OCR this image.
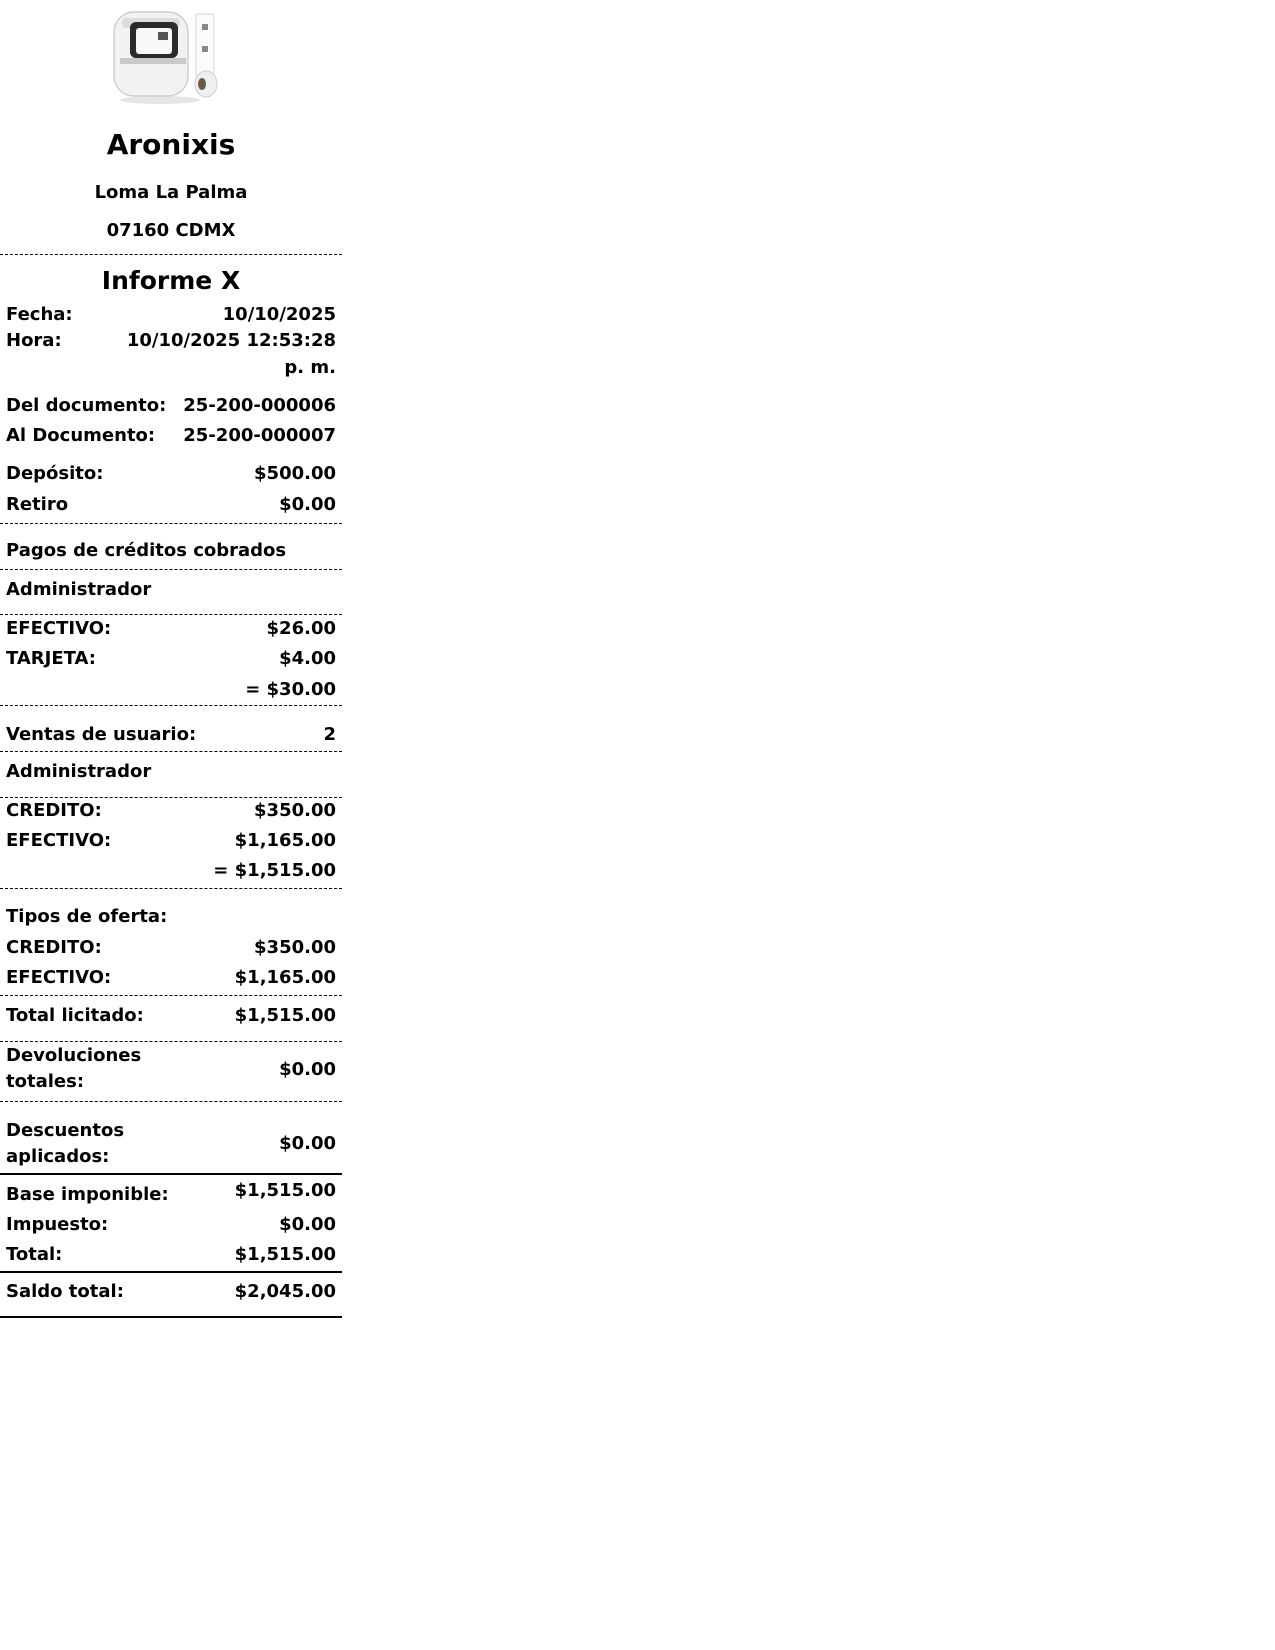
Aronixis
Loma La Palma
07160 CDMX
Informe X
Fecha:	10/10/2025
Hora:	10/10/2025 12:53:28
p. m.
Del documento: 25-200-000006
Al Documento: 25-200-000007
Depósito:	$500.00
Retiro	$0.00
Pagos de créditos cobrados
Administrador
EFECTIVO:	$26.00
TARJETA:	$4.00
= $30.00
Ventas de usuario:	2
Administrador
CREDITO:	$350.00
EFECTIVO:	$1,165.00
= $1,515.00
Tipos de oferta:
CREDITO:	$350.00
EFECTIVO:	$1,165.00
Total licitado:	$1,515.00
Devoluciones
totales:
$0.00
Descuentos
aplicados:
$0.00
Base imponible:	$1,515.00
Impuesto:	$0.00
Total:	$1,515.00
Saldo total:	$2,045.00
